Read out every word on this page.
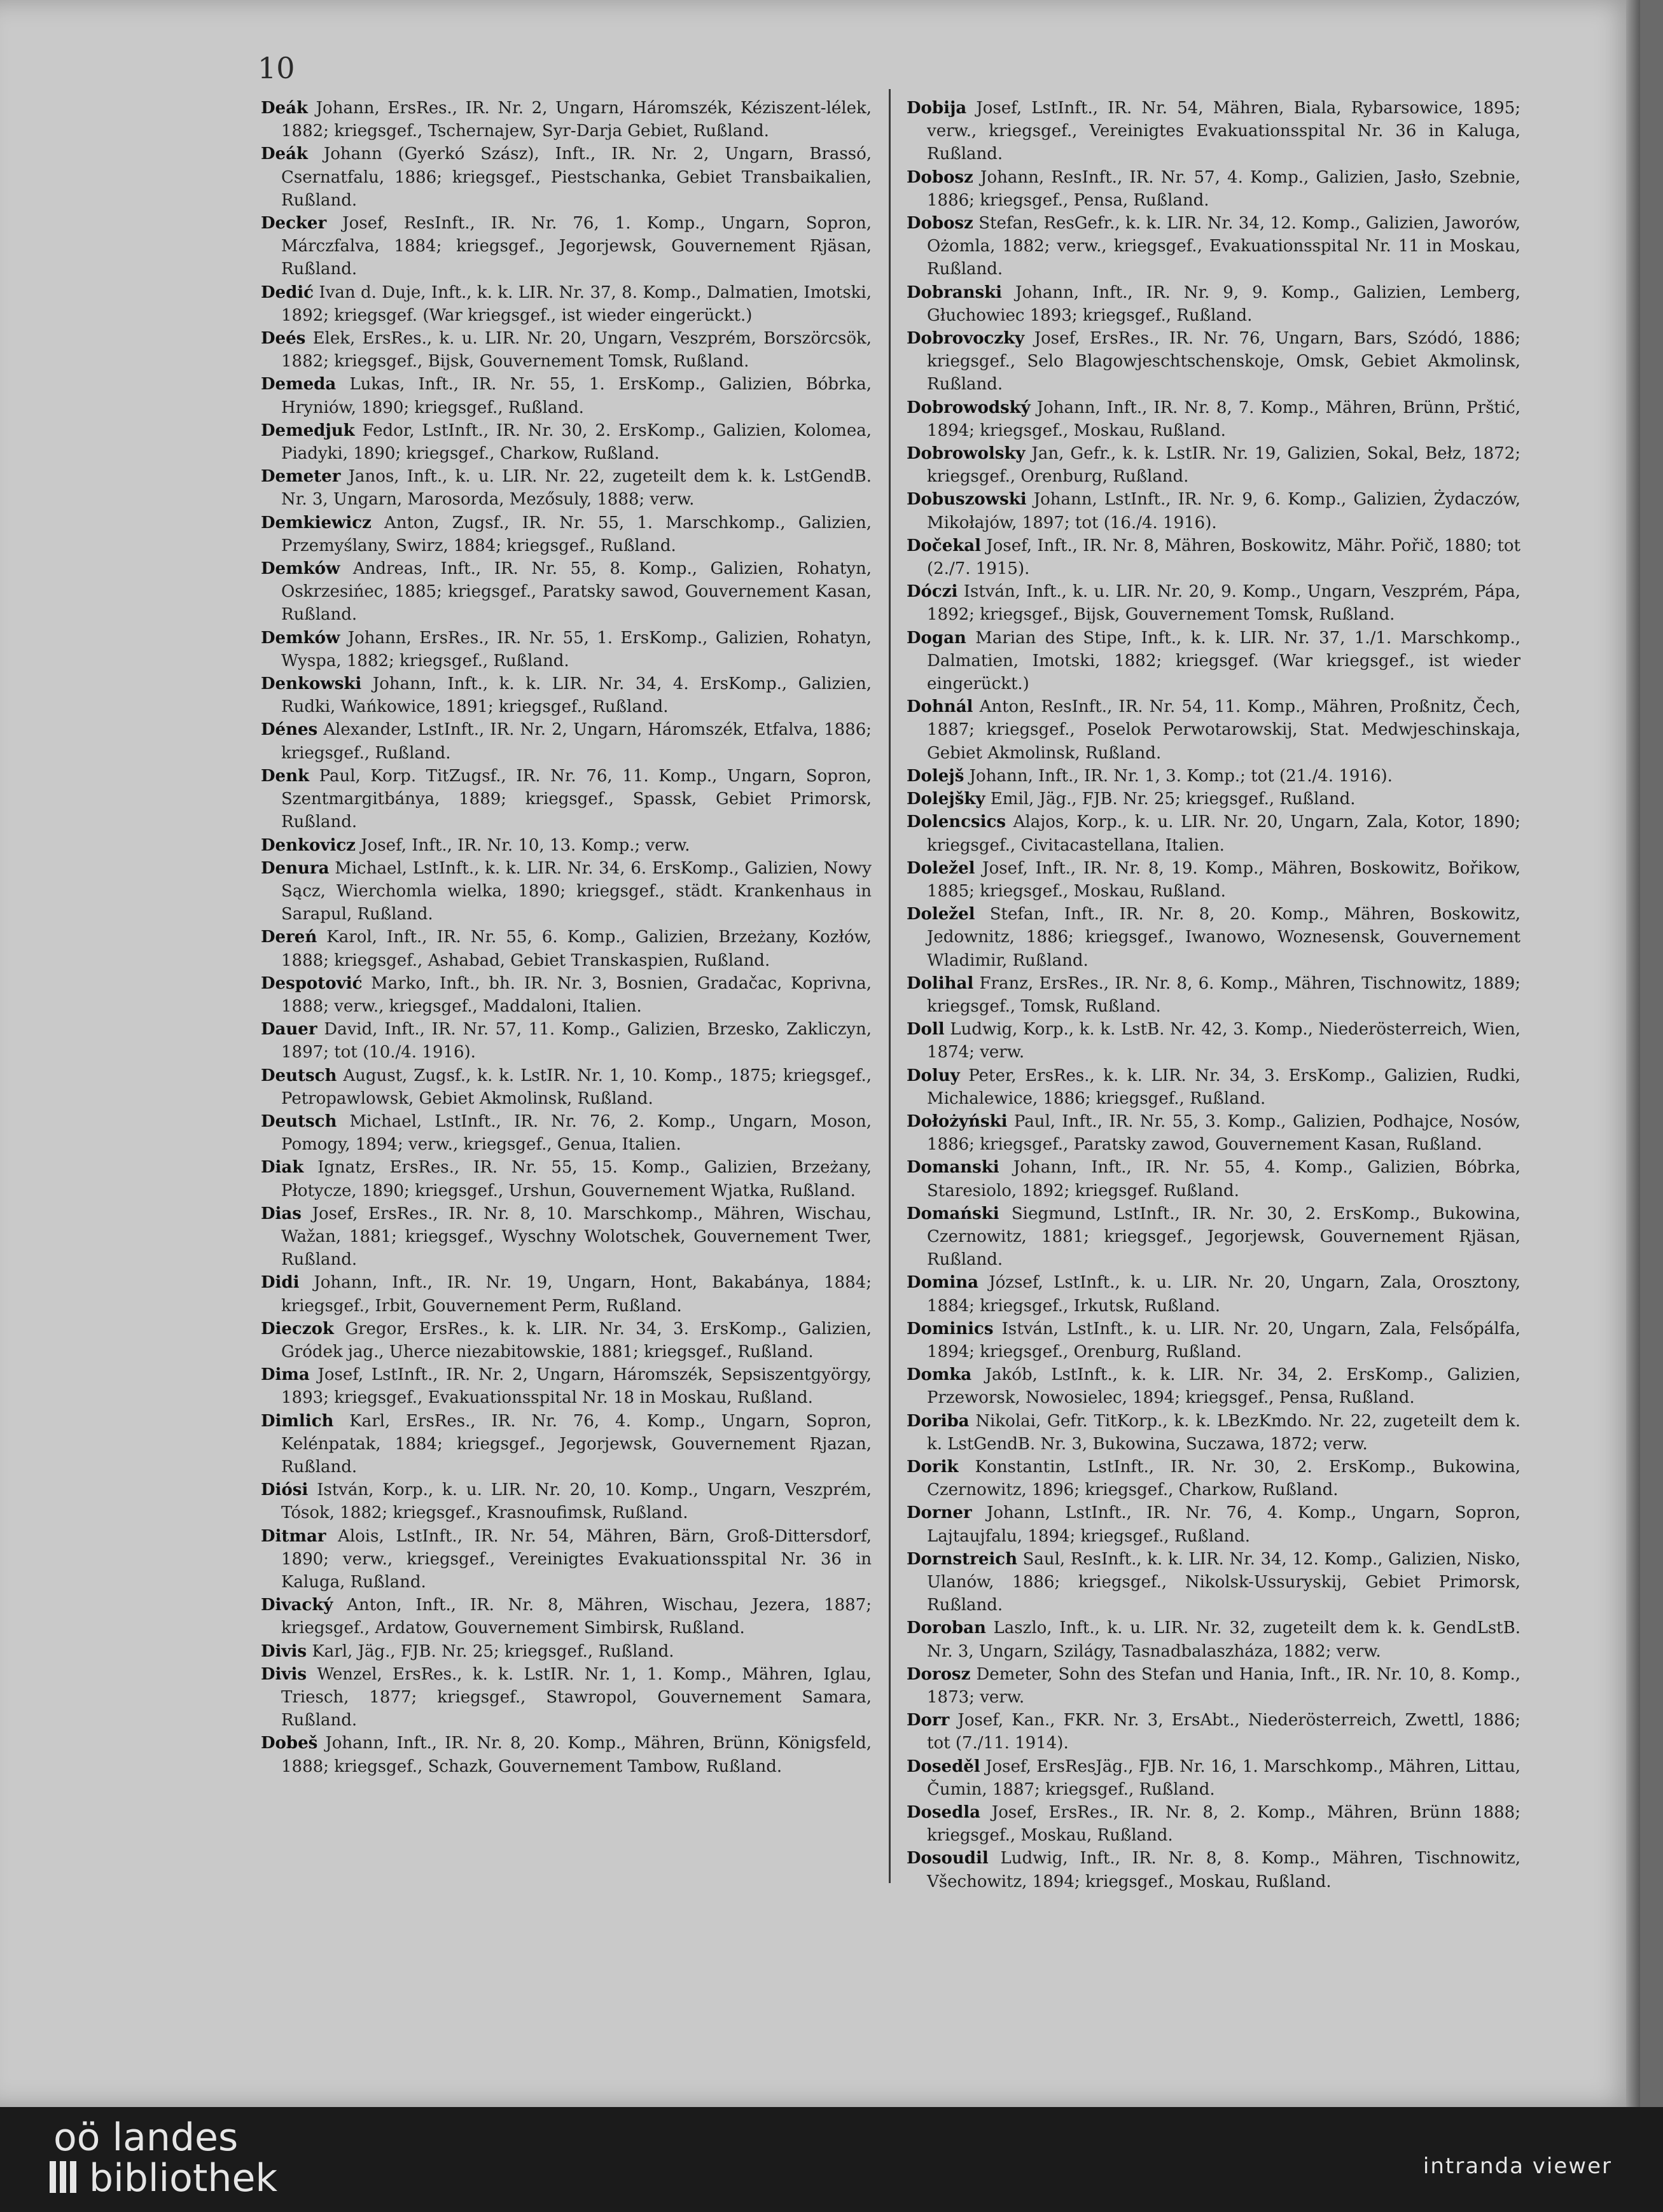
10

Deák Johann, ErsRes., IR. Nr. 2, Ungarn, Háromszék, Kéziszent-lélek, 1882; kriegsgef., Tschernajew, Syr-Darja Gebiet, Rußland.

Deák Johann (Gyerkó Szász), Inft., IR. Nr. 2, Ungarn, Brassó, Csernatfalu, 1886; kriegsgef., Piestschanka, Gebiet Transbaikalien, Rußland.

Decker Josef, ResInft., IR. Nr. 76, 1. Komp., Ungarn, Sopron, Márczfalva, 1884; kriegsgef., Jegorjewsk, Gouvernement Rjäsan, Rußland.

Dedić Ivan d. Duje, Inft., k. k. LIR. Nr. 37, 8. Komp., Dalmatien, Imotski, 1892; kriegsgef. (War kriegsgef., ist wieder eingerückt.)

Deés Elek, ErsRes., k. u. LIR. Nr. 20, Ungarn, Veszprém, Borszörcsök, 1882; kriegsgef., Bijsk, Gouvernement Tomsk, Rußland.

Demeda Lukas, Inft., IR. Nr. 55, 1. ErsKomp., Galizien, Bóbrka, Hryniów, 1890; kriegsgef., Rußland.

Demedjuk Fedor, LstInft., IR. Nr. 30, 2. ErsKomp., Galizien, Kolomea, Piadyki, 1890; kriegsgef., Charkow, Rußland.

Demeter Janos, Inft., k. u. LIR. Nr. 22, zugeteilt dem k. k. LstGendB. Nr. 3, Ungarn, Marosorda, Mezősuly, 1888; verw.

Demkiewicz Anton, Zugsf., IR. Nr. 55, 1. Marschkomp., Galizien, Przemyślany, Swirz, 1884; kriegsgef., Rußland.

Demków Andreas, Inft., IR. Nr. 55, 8. Komp., Galizien, Rohatyn, Oskrzesińec, 1885; kriegsgef., Paratsky sawod, Gouvernement Kasan, Rußland.

Demków Johann, ErsRes., IR. Nr. 55, 1. ErsKomp., Galizien, Rohatyn, Wyspa, 1882; kriegsgef., Rußland.

Denkowski Johann, Inft., k. k. LIR. Nr. 34, 4. ErsKomp., Galizien, Rudki, Wańkowice, 1891; kriegsgef., Rußland.

Dénes Alexander, LstInft., IR. Nr. 2, Ungarn, Háromszék, Etfalva, 1886; kriegsgef., Rußland.

Denk Paul, Korp. TitZugsf., IR. Nr. 76, 11. Komp., Ungarn, Sopron, Szentmargitbánya, 1889; kriegsgef., Spassk, Gebiet Primorsk, Rußland.

Denkovicz Josef, Inft., IR. Nr. 10, 13. Komp.; verw.

Denura Michael, LstInft., k. k. LIR. Nr. 34, 6. ErsKomp., Galizien, Nowy Sącz, Wierchomla wielka, 1890; kriegsgef., städt. Krankenhaus in Sarapul, Rußland.

Dereń Karol, Inft., IR. Nr. 55, 6. Komp., Galizien, Brzeżany, Kozłów, 1888; kriegsgef., Ashabad, Gebiet Transkaspien, Rußland.

Despotović Marko, Inft., bh. IR. Nr. 3, Bosnien, Gradačac, Koprivna, 1888; verw., kriegsgef., Maddaloni, Italien.

Dauer David, Inft., IR. Nr. 57, 11. Komp., Galizien, Brzesko, Zakliczyn, 1897; tot (10./4. 1916).

Deutsch August, Zugsf., k. k. LstIR. Nr. 1, 10. Komp., 1875; kriegsgef., Petropawlowsk, Gebiet Akmolinsk, Rußland.

Deutsch Michael, LstInft., IR. Nr. 76, 2. Komp., Ungarn, Moson, Pomogy, 1894; verw., kriegsgef., Genua, Italien.

Diak Ignatz, ErsRes., IR. Nr. 55, 15. Komp., Galizien, Brzeżany, Płotycze, 1890; kriegsgef., Urshun, Gouvernement Wjatka, Rußland.

Dias Josef, ErsRes., IR. Nr. 8, 10. Marschkomp., Mähren, Wischau, Wažan, 1881; kriegsgef., Wyschny Wolotschek, Gouvernement Twer, Rußland.

Didi Johann, Inft., IR. Nr. 19, Ungarn, Hont, Bakabánya, 1884; kriegsgef., Irbit, Gouvernement Perm, Rußland.

Dieczok Gregor, ErsRes., k. k. LIR. Nr. 34, 3. ErsKomp., Galizien, Gródek jag., Uherce niezabitowskie, 1881; kriegsgef., Rußland.

Dima Josef, LstInft., IR. Nr. 2, Ungarn, Háromszék, Sepsiszentgyörgy, 1893; kriegsgef., Evakuationsspital Nr. 18 in Moskau, Rußland.

Dimlich Karl, ErsRes., IR. Nr. 76, 4. Komp., Ungarn, Sopron, Kelénpatak, 1884; kriegsgef., Jegorjewsk, Gouvernement Rjazan, Rußland.

Diósi István, Korp., k. u. LIR. Nr. 20, 10. Komp., Ungarn, Veszprém, Tósok, 1882; kriegsgef., Krasnoufimsk, Rußland.

Ditmar Alois, LstInft., IR. Nr. 54, Mähren, Bärn, Groß-Dittersdorf, 1890; verw., kriegsgef., Vereinigtes Evakuationsspital Nr. 36 in Kaluga, Rußland.

Divacký Anton, Inft., IR. Nr. 8, Mähren, Wischau, Jezera, 1887; kriegsgef., Ardatow, Gouvernement Simbirsk, Rußland.

Divis Karl, Jäg., FJB. Nr. 25; kriegsgef., Rußland.

Divis Wenzel, ErsRes., k. k. LstIR. Nr. 1, 1. Komp., Mähren, Iglau, Triesch, 1877; kriegsgef., Stawropol, Gouvernement Samara, Rußland.

Dobeš Johann, Inft., IR. Nr. 8, 20. Komp., Mähren, Brünn, Königsfeld, 1888; kriegsgef., Schazk, Gouvernement Tambow, Rußland.

Dobija Josef, LstInft., IR. Nr. 54, Mähren, Biala, Rybarsowice, 1895; verw., kriegsgef., Vereinigtes Evakuationsspital Nr. 36 in Kaluga, Rußland.

Dobosz Johann, ResInft., IR. Nr. 57, 4. Komp., Galizien, Jasło, Szebnie, 1886; kriegsgef., Pensa, Rußland.

Dobosz Stefan, ResGefr., k. k. LIR. Nr. 34, 12. Komp., Galizien, Jaworów, Ożomla, 1882; verw., kriegsgef., Evakuationsspital Nr. 11 in Moskau, Rußland.

Dobranski Johann, Inft., IR. Nr. 9, 9. Komp., Galizien, Lemberg, Głuchowiec 1893; kriegsgef., Rußland.

Dobrovoczky Josef, ErsRes., IR. Nr. 76, Ungarn, Bars, Szódó, 1886; kriegsgef., Selo Blagowjeschtschenskoje, Omsk, Gebiet Akmolinsk, Rußland.

Dobrowodský Johann, Inft., IR. Nr. 8, 7. Komp., Mähren, Brünn, Prštić, 1894; kriegsgef., Moskau, Rußland.

Dobrowolsky Jan, Gefr., k. k. LstIR. Nr. 19, Galizien, Sokal, Bełz, 1872; kriegsgef., Orenburg, Rußland.

Dobuszowski Johann, LstInft., IR. Nr. 9, 6. Komp., Galizien, Żydaczów, Mikołajów, 1897; tot (16./4. 1916).

Dočekal Josef, Inft., IR. Nr. 8, Mähren, Boskowitz, Mähr. Pořič, 1880; tot (2./7. 1915).

Dóczi István, Inft., k. u. LIR. Nr. 20, 9. Komp., Ungarn, Veszprém, Pápa, 1892; kriegsgef., Bijsk, Gouvernement Tomsk, Rußland.

Dogan Marian des Stipe, Inft., k. k. LIR. Nr. 37, 1./1. Marschkomp., Dalmatien, Imotski, 1882; kriegsgef. (War kriegsgef., ist wieder eingerückt.)

Dohnál Anton, ResInft., IR. Nr. 54, 11. Komp., Mähren, Proßnitz, Čech, 1887; kriegsgef., Poselok Perwotarowskij, Stat. Medwjeschinskaja, Gebiet Akmolinsk, Rußland.

Dolejš Johann, Inft., IR. Nr. 1, 3. Komp.; tot (21./4. 1916).

Dolejšky Emil, Jäg., FJB. Nr. 25; kriegsgef., Rußland.

Dolencsics Alajos, Korp., k. u. LIR. Nr. 20, Ungarn, Zala, Kotor, 1890; kriegsgef., Civitacastellana, Italien.

Doležel Josef, Inft., IR. Nr. 8, 19. Komp., Mähren, Boskowitz, Bořikow, 1885; kriegsgef., Moskau, Rußland.

Doležel Stefan, Inft., IR. Nr. 8, 20. Komp., Mähren, Boskowitz, Jedownitz, 1886; kriegsgef., Iwanowo, Woznesensk, Gouvernement Wladimir, Rußland.

Dolihal Franz, ErsRes., IR. Nr. 8, 6. Komp., Mähren, Tischnowitz, 1889; kriegsgef., Tomsk, Rußland.

Doll Ludwig, Korp., k. k. LstB. Nr. 42, 3. Komp., Niederösterreich, Wien, 1874; verw.

Doluy Peter, ErsRes., k. k. LIR. Nr. 34, 3. ErsKomp., Galizien, Rudki, Michalewice, 1886; kriegsgef., Rußland.

Dołożyński Paul, Inft., IR. Nr. 55, 3. Komp., Galizien, Podhajce, Nosów, 1886; kriegsgef., Paratsky zawod, Gouvernement Kasan, Rußland.

Domanski Johann, Inft., IR. Nr. 55, 4. Komp., Galizien, Bóbrka, Staresiolo, 1892; kriegsgef. Rußland.

Domański Siegmund, LstInft., IR. Nr. 30, 2. ErsKomp., Bukowina, Czernowitz, 1881; kriegsgef., Jegorjewsk, Gouvernement Rjäsan, Rußland.

Domina József, LstInft., k. u. LIR. Nr. 20, Ungarn, Zala, Orosztony, 1884; kriegsgef., Irkutsk, Rußland.

Dominics István, LstInft., k. u. LIR. Nr. 20, Ungarn, Zala, Felsőpálfa, 1894; kriegsgef., Orenburg, Rußland.

Domka Jakób, LstInft., k. k. LIR. Nr. 34, 2. ErsKomp., Galizien, Przeworsk, Nowosielec, 1894; kriegsgef., Pensa, Rußland.

Doriba Nikolai, Gefr. TitKorp., k. k. LBezKmdo. Nr. 22, zugeteilt dem k. k. LstGendB. Nr. 3, Bukowina, Suczawa, 1872; verw.

Dorik Konstantin, LstInft., IR. Nr. 30, 2. ErsKomp., Bukowina, Czernowitz, 1896; kriegsgef., Charkow, Rußland.

Dorner Johann, LstInft., IR. Nr. 76, 4. Komp., Ungarn, Sopron, Lajtaujfalu, 1894; kriegsgef., Rußland.

Dornstreich Saul, ResInft., k. k. LIR. Nr. 34, 12. Komp., Galizien, Nisko, Ulanów, 1886; kriegsgef., Nikolsk-Ussuryskij, Gebiet Primorsk, Rußland.

Doroban Laszlo, Inft., k. u. LIR. Nr. 32, zugeteilt dem k. k. GendLstB. Nr. 3, Ungarn, Szilágy, Tasnadbalaszháza, 1882; verw.

Dorosz Demeter, Sohn des Stefan und Hania, Inft., IR. Nr. 10, 8. Komp., 1873; verw.

Dorr Josef, Kan., FKR. Nr. 3, ErsAbt., Niederösterreich, Zwettl, 1886; tot (7./11. 1914).

Doseděl Josef, ErsResJäg., FJB. Nr. 16, 1. Marschkomp., Mähren, Littau, Čumin, 1887; kriegsgef., Rußland.

Dosedla Josef, ErsRes., IR. Nr. 8, 2. Komp., Mähren, Brünn 1888; kriegsgef., Moskau, Rußland.

Dosoudil Ludwig, Inft., IR. Nr. 8, 8. Komp., Mähren, Tischnowitz, Všechowitz, 1894; kriegsgef., Moskau, Rußland.

oö landes
bibliothek	intranda viewer
